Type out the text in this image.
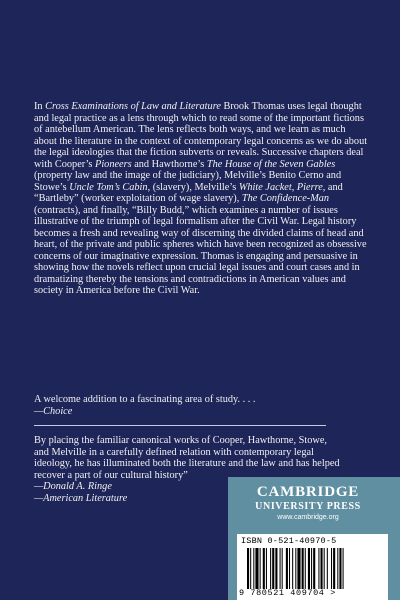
In Cross Examinations of Law and Literature Brook Thomas uses legal thought and legal practice as a lens through which to read some of the important fictions of antebellum American. The lens reflects both ways, and we learn as much about the literature in the context of contemporary legal concerns as we do about the legal ideologies that the fiction subverts or reveals. Successive chapters deal with Cooper’s Pioneers and Hawthorne’s The House of the Seven Gables (property law and the image of the judiciary), Melville’s Benito Cerno and Stowe’s Uncle Tom’s Cabin, (slavery), Melville’s White Jacket, Pierre, and “Bartleby” (worker exploitation of wage slavery), The Confidence-Man (contracts), and finally, “Billy Budd,” which examines a number of issues illustrative of the triumph of legal formalism after the Civil War. Legal history becomes a fresh and revealing way of discerning the divided claims of head and heart, of the private and public spheres which have been recognized as obsessive concerns of our imaginative expression. Thomas is engaging and persuasive in showing how the novels reflect upon crucial legal issues and court cases and in dramatizing thereby the tensions and contradictions in American values and society in America before the Civil War.

A welcome addition to a fascinating area of study. . . .
—Choice
By placing the familiar canonical works of Cooper, Hawthorne, Stowe, and Melville in a carefully defined relation with contemporary legal ideology, he has illuminated both the literature and the law and has helped recover a part of our cultural history”
—Donald A. Ringe
—American Literature	CAMBRIDGE
UNIVERSITY PRESS
www.cambridge.org
ISBN 0-521-40970-5
9 780521 409704 >
